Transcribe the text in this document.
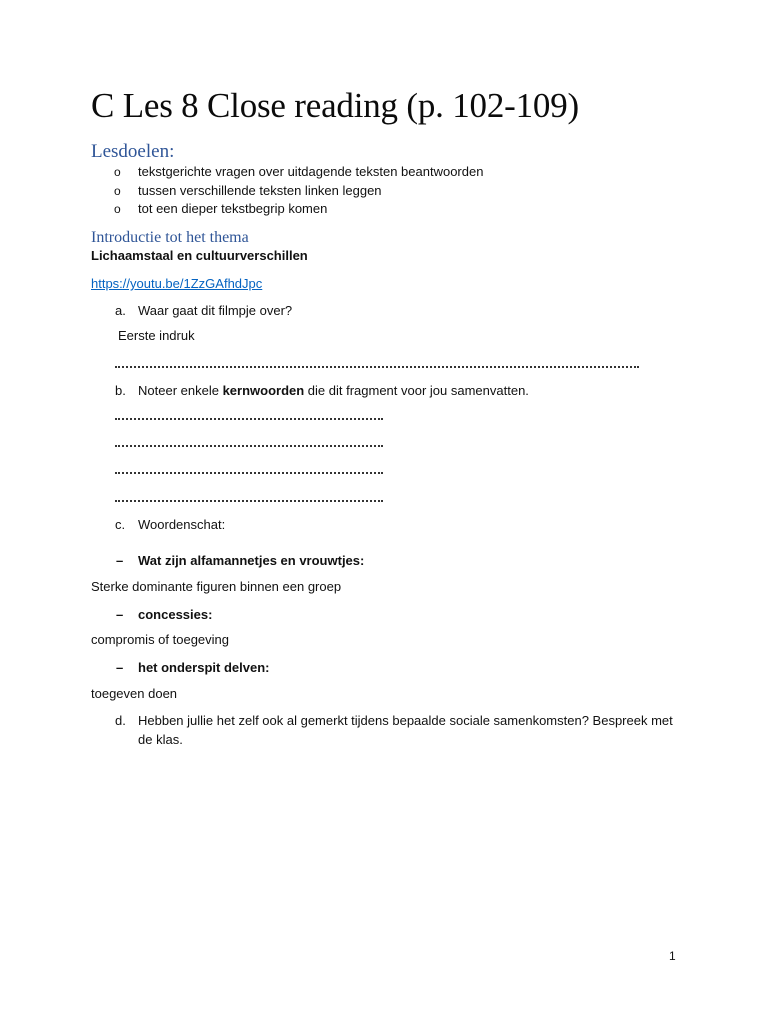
C Les 8 Close reading (p. 102-109)
Lesdoelen:
o tekstgerichte vragen over uitdagende teksten beantwoorden
o tussen verschillende teksten linken leggen
o tot een dieper tekstbegrip komen
Introductie tot het thema

Lichaamstaal en cultuurverschillen

https://youtu.be/1ZzGAfhdJpc
a. Waar gaat dit filmpje over?

Eerste indruk

b. Noteer enkele kernwoorden die dit fragment voor jou samenvatten.

c. Woordenschat:

– Wat zijn alfamannetjes en vrouwtjes:

Sterke dominante figuren binnen een groep

– concessies:

compromis of toegeving

– het onderspit delven:

toegeven doen

d. Hebben jullie het zelf ook al gemerkt tijdens bepaalde sociale samenkomsten? Bespreek met

de klas.

1
